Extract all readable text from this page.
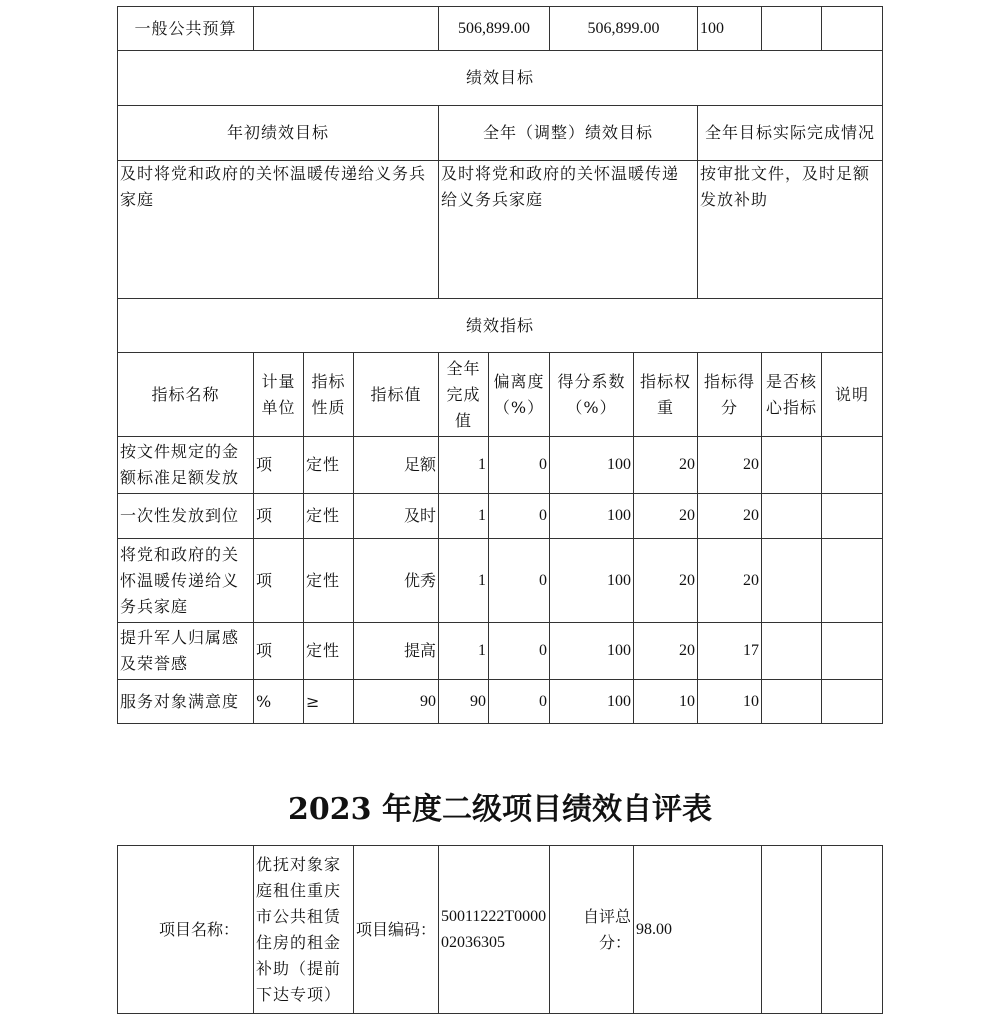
一般公共预算				506,899.00		506,899.00		100		
绩效目标										
年初绩效目标				全年（调整）绩效目标				全年目标实际完成情况		
及时将党和政府的关怀温暖传递给义务兵家庭				及时将党和政府的关怀温暖传递给义务兵家庭				按审批文件，及时足额发放补助		
绩效指标										
指标名称	计量单位	指标性质	指标值	全年完成值	偏离度（%）	得分系数（%）	指标权重	指标得分	是否核心指标	说明
按文件规定的金额标准足额发放	项	定性	足额	1	0	100	20	20		
一次性发放到位	项	定性	及时	1	0	100	20	20		
将党和政府的关怀温暖传递给义务兵家庭	项	定性	优秀	1	0	100	20	20		
提升军人归属感及荣誉感	项	定性	提高	1	0	100	20	17		
服务对象满意度	%	≥	90	90	0	100	10	10		
2023 年度二级项目绩效自评表
项目名称：	优抚对象家庭租住重庆市公共租赁住房的租金补助（提前下达专项）	项目编码：	50011222T000002036305	自评总分：	98.00		
